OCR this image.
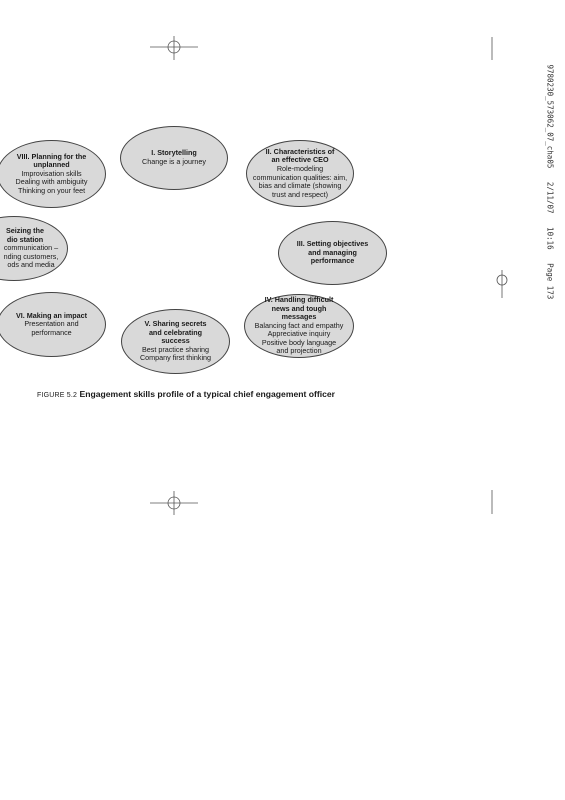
9780230_573062_07_cha05   2/11/07   10:16   Page 173
I. Storytelling
Change is a journey
II. Characteristics of an effective CEO
Role-modeling
communication qualities: aim,
bias and climate (showing
trust and respect)
III. Setting objectives and managing performance
IV. Handling difficult news and tough messages
Balancing fact and empathy
Appreciative inquiry
Positive body language
and projection
V. Sharing secrets and celebrating success
Best practice sharing
Company first thinking
VI. Making an impact
Presentation and
performance
Seizing the dio station
communication –
nding customers,
ods and media
VIII. Planning for the unplanned
Improvisation skills
Dealing with ambiguity
Thinking on your feet
FIGURE 5.2 Engagement skills profile of a typical chief engagement officer
